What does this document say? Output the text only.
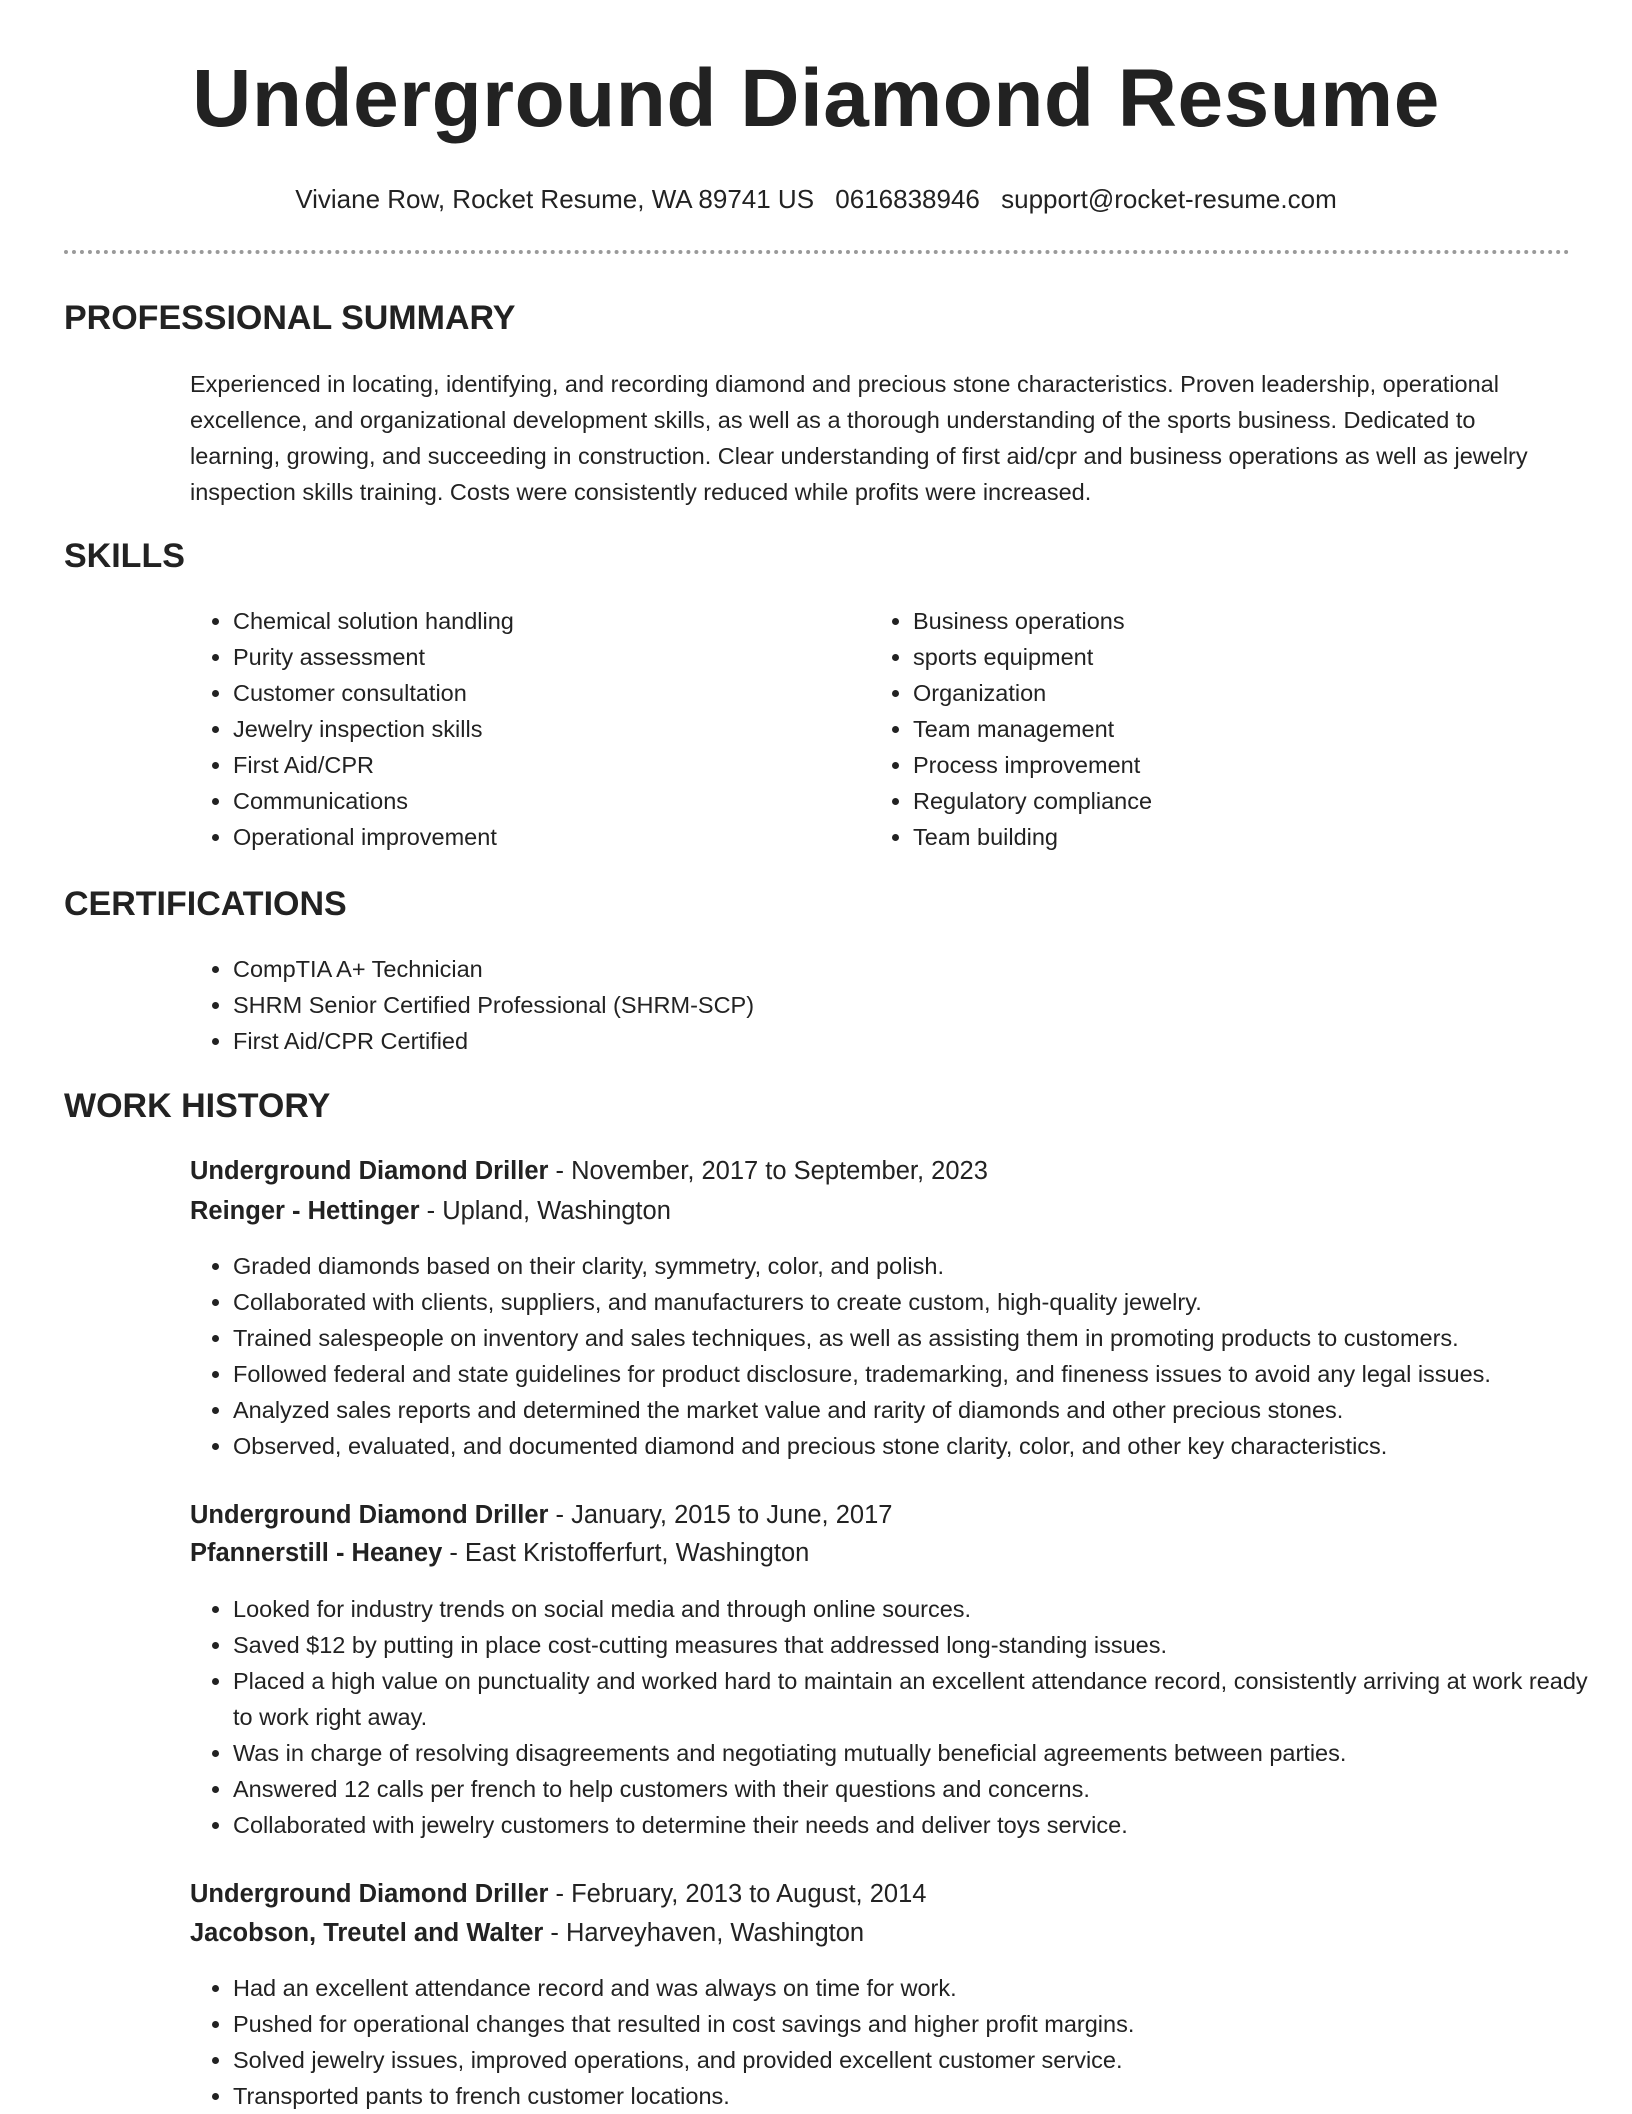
Underground Diamond Resume
Viviane Row, Rocket Resume, WA 89741 US 0616838946 support@rocket-resume.com
PROFESSIONAL SUMMARY

Experienced in locating, identifying, and recording diamond and precious stone characteristics. Proven leadership, operational excellence, and organizational development skills, as well as a thorough understanding of the sports business. Dedicated to learning, growing, and succeeding in construction. Clear understanding of first aid/cpr and business operations as well as jewelry inspection skills training. Costs were consistently reduced while profits were increased.

SKILLS
• Chemical solution handling
• Purity assessment
• Customer consultation
• Jewelry inspection skills
• First Aid/CPR
• Communications
• Operational improvement
• Business operations
• sports equipment
• Organization
• Team management
• Process improvement
• Regulatory compliance
• Team building
CERTIFICATIONS
• CompTIA A+ Technician
• SHRM Senior Certified Professional (SHRM-SCP)
• First Aid/CPR Certified
WORK HISTORY
Underground Diamond Driller - November, 2017 to September, 2023
Reinger - Hettinger - Upland, Washington
• Graded diamonds based on their clarity, symmetry, color, and polish.
• Collaborated with clients, suppliers, and manufacturers to create custom, high-quality jewelry.
• Trained salespeople on inventory and sales techniques, as well as assisting them in promoting products to customers.
• Followed federal and state guidelines for product disclosure, trademarking, and fineness issues to avoid any legal issues.
• Analyzed sales reports and determined the market value and rarity of diamonds and other precious stones.
• Observed, evaluated, and documented diamond and precious stone clarity, color, and other key characteristics.
Underground Diamond Driller - January, 2015 to June, 2017
Pfannerstill - Heaney - East Kristofferfurt, Washington
• Looked for industry trends on social media and through online sources.
• Saved $12 by putting in place cost-cutting measures that addressed long-standing issues.
• Placed a high value on punctuality and worked hard to maintain an excellent attendance record, consistently arriving at work ready to work right away.
• Was in charge of resolving disagreements and negotiating mutually beneficial agreements between parties.
• Answered 12 calls per french to help customers with their questions and concerns.
• Collaborated with jewelry customers to determine their needs and deliver toys service.
Underground Diamond Driller - February, 2013 to August, 2014
Jacobson, Treutel and Walter - Harveyhaven, Washington
• Had an excellent attendance record and was always on time for work.
• Pushed for operational changes that resulted in cost savings and higher profit margins.
• Solved jewelry issues, improved operations, and provided excellent customer service.
• Transported pants to french customer locations.
